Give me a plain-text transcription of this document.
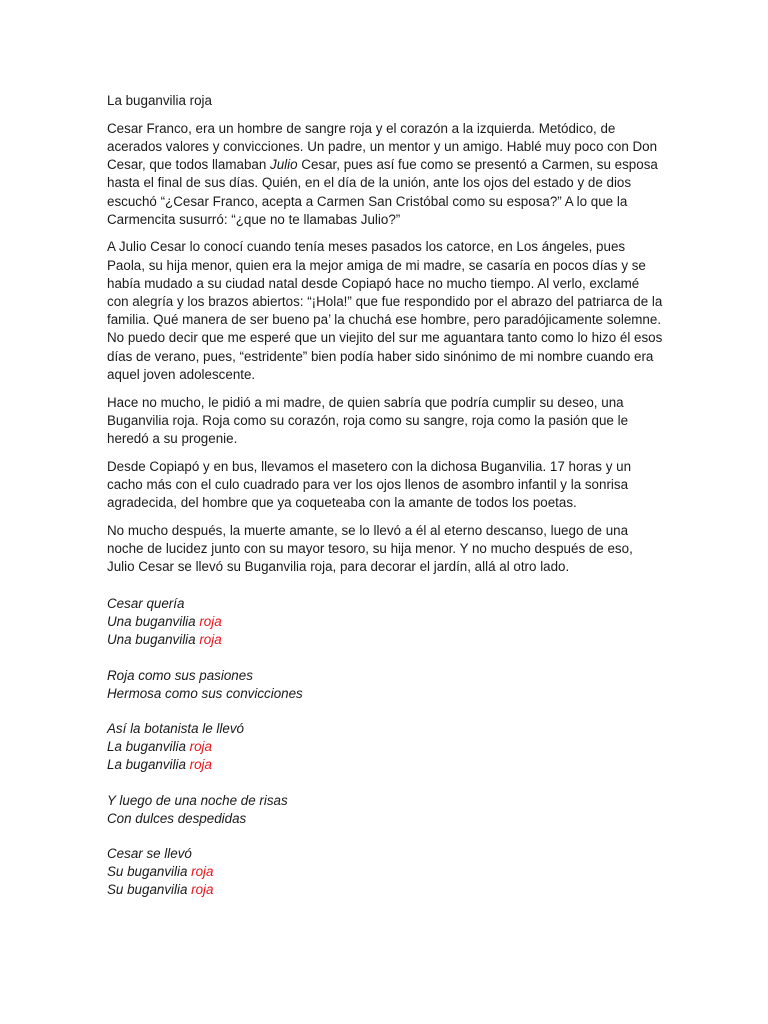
La buganvilia roja

Cesar Franco, era un hombre de sangre roja y el corazón a la izquierda. Metódico, de acerados valores y convicciones. Un padre, un mentor y un amigo. Hablé muy poco con Don Cesar, que todos llamaban Julio Cesar, pues así fue como se presentó a Carmen, su esposa hasta el final de sus días. Quién, en el día de la unión, ante los ojos del estado y de dios escuchó “¿Cesar Franco, acepta a Carmen San Cristóbal como su esposa?” A lo que la Carmencita susurró: “¿que no te llamabas Julio?”

A Julio Cesar lo conocí cuando tenía meses pasados los catorce, en Los ángeles, pues Paola, su hija menor, quien era la mejor amiga de mi madre, se casaría en pocos días y se había mudado a su ciudad natal desde Copiapó hace no mucho tiempo. Al verlo, exclamé con alegría y los brazos abiertos: “¡Hola!” que fue respondido por el abrazo del patriarca de la familia. Qué manera de ser bueno pa’ la chuchá ese hombre, pero paradójicamente solemne. No puedo decir que me esperé que un viejito del sur me aguantara tanto como lo hizo él esos días de verano, pues, “estridente” bien podía haber sido sinónimo de mi nombre cuando era aquel joven adolescente.

Hace no mucho, le pidió a mi madre, de quien sabría que podría cumplir su deseo, una Buganvilia roja. Roja como su corazón, roja como su sangre, roja como la pasión que le heredó a su progenie.

Desde Copiapó y en bus, llevamos el masetero con la dichosa Buganvilia. 17 horas y un cacho más con el culo cuadrado para ver los ojos llenos de asombro infantil y la sonrisa agradecida, del hombre que ya coqueteaba con la amante de todos los poetas.

No mucho después, la muerte amante, se lo llevó a él al eterno descanso, luego de una noche de lucidez junto con su mayor tesoro, su hija menor. Y no mucho después de eso, Julio Cesar se llevó su Buganvilia roja, para decorar el jardín, allá al otro lado.

Cesar quería
Una buganvilia roja
Una buganvilia roja
Roja como sus pasiones
Hermosa como sus convicciones
Así la botanista le llevó
La buganvilia roja
La buganvilia roja
Y luego de una noche de risas
Con dulces despedidas
Cesar se llevó
Su buganvilia roja
Su buganvilia roja
